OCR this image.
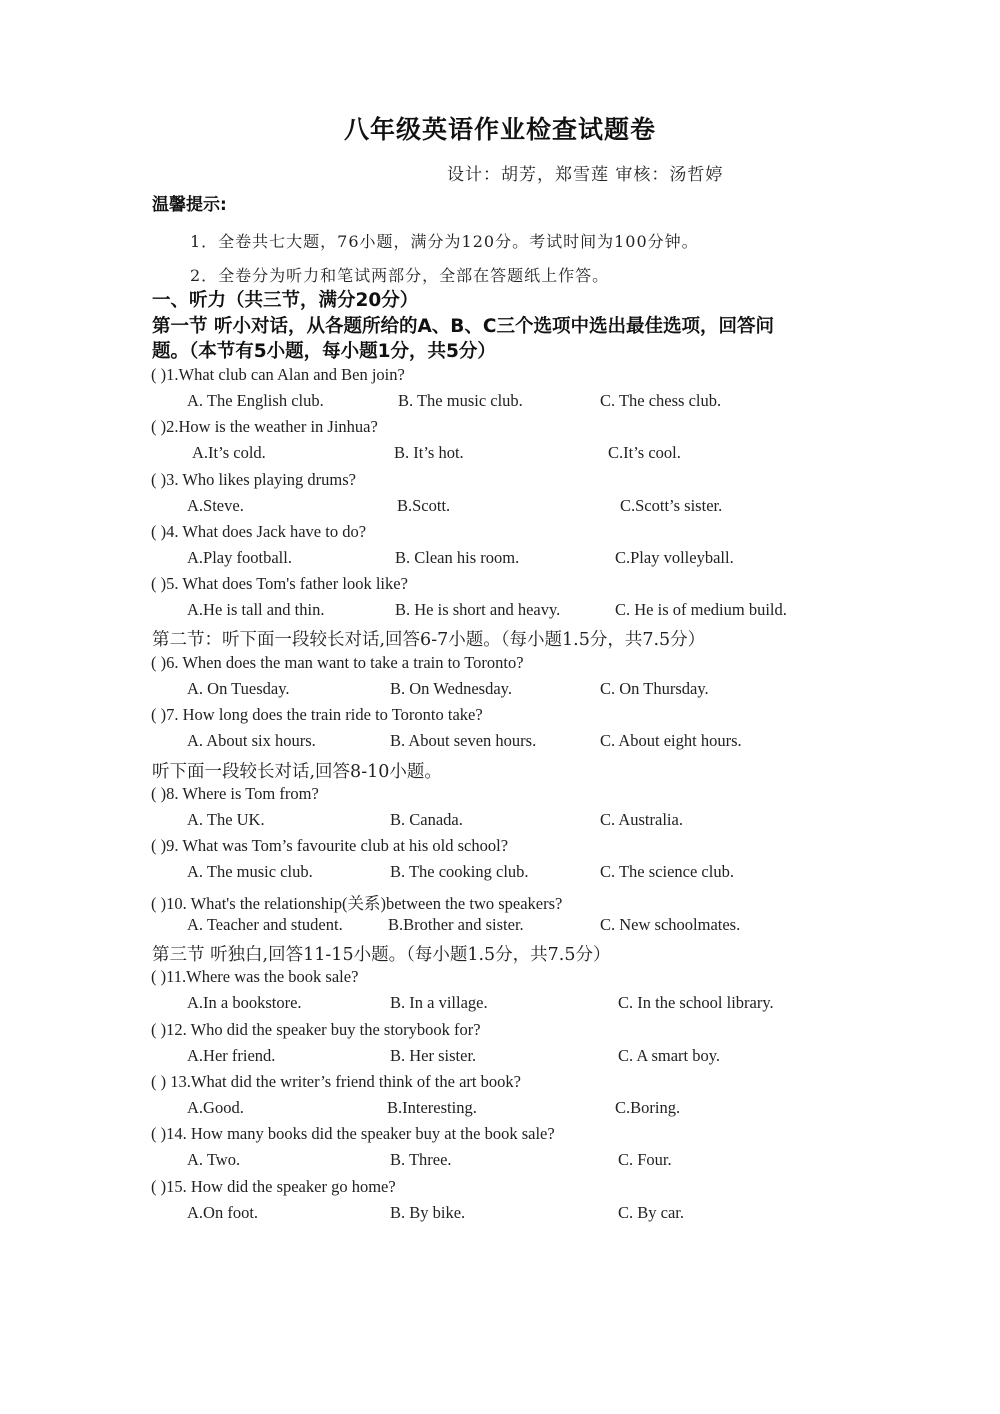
八年级英语作业检查试题卷
设计：胡芳，郑雪莲 审核：汤哲婷
温馨提示:
1．全卷共七大题，76小题，满分为120分。考试时间为100分钟。
2．全卷分为听力和笔试两部分，全部在答题纸上作答。
一、听力（共三节，满分20分）
第一节 听小对话，从各题所给的A、B、C三个选项中选出最佳选项，回答问
题。（本节有5小题，每小题1分，共5分）
( )1.What club can Alan and Ben join?
A. The English club.	B. The music club.	C. The chess club.
( )2.How is the weather in Jinhua?
A.It’s cold.	B. It’s hot.	C.It’s cool.
( )3. Who likes playing drums?
A.Steve.	B.Scott.	C.Scott’s sister.
( )4. What does Jack have to do?
A.Play football.	B. Clean his room.	C.Play volleyball.
( )5. What does Tom's father look like?
A.He is tall and thin.	B. He is short and heavy.	C. He is of medium build.
第二节：听下面一段较长对话,回答6-7小题。（每小题1.5分，共7.5分）
( )6. When does the man want to take a train to Toronto?
A. On Tuesday.	B. On Wednesday.	C. On Thursday.
( )7. How long does the train ride to Toronto take?
A. About six hours.	B. About seven hours.	C. About eight hours.
听下面一段较长对话,回答8-10小题。
( )8. Where is Tom from?
A. The UK.	B. Canada.	C. Australia.
( )9. What was Tom’s favourite club at his old school?
A. The music club.	B. The cooking club.	C. The science club.
( )10. What's the relationship(关系)between the two speakers?
A. Teacher and student.	B.Brother and sister.	C. New schoolmates.
第三节 听独白,回答11-15小题。（每小题1.5分，共7.5分）
( )11.Where was the book sale?
A.In a bookstore.	B. In a village.	C. In the school library.
( )12. Who did the speaker buy the storybook for?
A.Her friend.	B. Her sister.	C. A smart boy.
( ) 13.What did the writer’s friend think of the art book?
A.Good.	B.Interesting.	C.Boring.
( )14. How many books did the speaker buy at the book sale?
A. Two.	B. Three.	C. Four.
( )15. How did the speaker go home?
A.On foot.	B. By bike.	C. By car.
